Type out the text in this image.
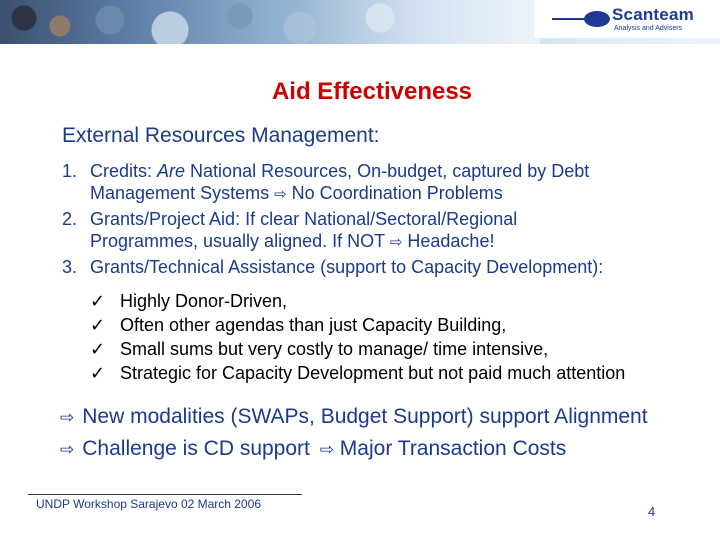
Scanteam
Analysis and Advisers
Aid Effectiveness
External Resources Management:
1. Credits: Are National Resources, On-budget, captured by Debt
Management Systems ⇨ No Coordination Problems
2. Grants/Project Aid: If clear National/Sectoral/Regional
Programmes, usually aligned. If NOT ⇨ Headache!
3. Grants/Technical Assistance (support to Capacity Development):
✓ Highly Donor-Driven,
✓ Often other agendas than just Capacity Building,
✓ Small sums but very costly to manage/ time intensive,
✓ Strategic for Capacity Development but not paid much attention
⇨ New modalities (SWAPs, Budget Support) support Alignment
⇨ Challenge is CD support ⇨ Major Transaction Costs
UNDP Workshop Sarajevo 02 March 2006	4
